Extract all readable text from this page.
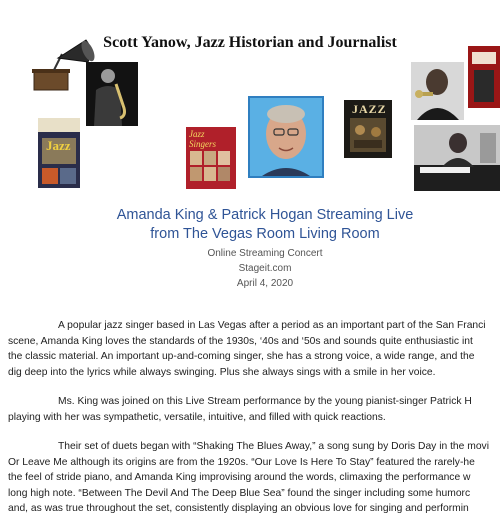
Scott Yanow, Jazz Historian and Journalist
Jazz
Jazz Singers
JAZZ
Amanda King & Patrick Hogan Streaming Live
from The Vegas Room Living Room
Online Streaming Concert
Stageit.com
April 4, 2020
A popular jazz singer based in Las Vegas after a period as an important part of the San Franci
scene, Amanda King loves the standards of the 1930s, ‘40s and ‘50s and sounds quite enthusiastic int
the classic material. An important up-and-coming singer, she has a strong voice, a wide range, and the
dig deep into the lyrics while always swinging. Plus she always sings with a smile in her voice.
Ms. King was joined on this Live Stream performance by the young pianist-singer Patrick H
playing with her was sympathetic, versatile, intuitive, and filled with quick reactions.
Their set of duets began with “Shaking The Blues Away,” a song sung by Doris Day in the movi
Or Leave Me although its origins are from the 1920s. “Our Love Is Here To Stay” featured the rarely-he
the feel of stride piano, and Amanda King improvising around the words, climaxing the performance w
long high note. “Between The Devil And The Deep Blue Sea” found the singer including some humorc
and, as was true throughout the set, consistently displaying an obvious love for singing and performin
